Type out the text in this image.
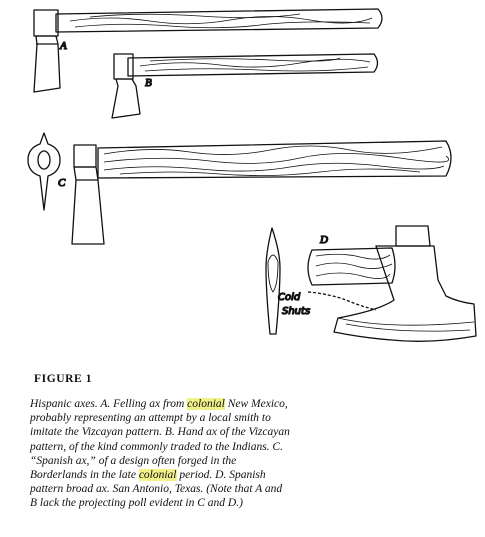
A
B
C
D
Cold
Shuts
FIGURE 1
Hispanic axes. A. Felling ax from colonial New Mexico,
probably representing an attempt by a local smith to
imitate the Vizcayan pattern. B. Hand ax of the Vizcayan
pattern, of the kind commonly traded to the Indians. C.
“Spanish ax,” of a design often forged in the
Borderlands in the late colonial period. D. Spanish
pattern broad ax. San Antonio, Texas. (Note that A and
B lack the projecting poll evident in C and D.)
